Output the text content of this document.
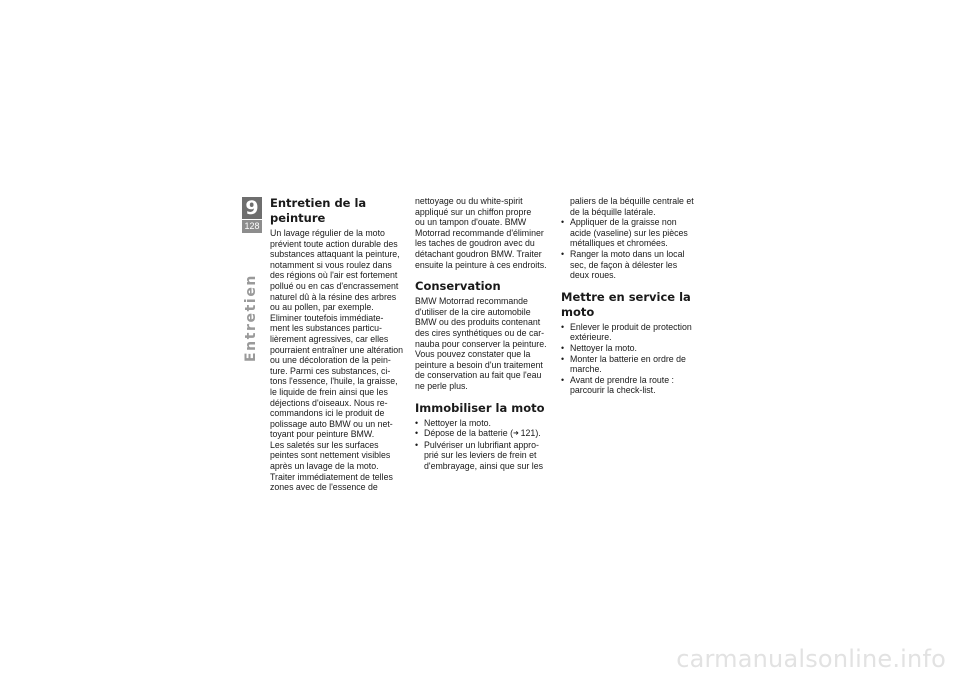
9
128
Entretien
Entretien de la peinture

Un lavage régulier de la moto
prévient toute action durable des
substances attaquant la peinture,
notamment si vous roulez dans
des régions où l'air est fortement
pollué ou en cas d'encrassement
naturel dû à la résine des arbres
ou au pollen, par exemple.
Eliminer toutefois immédiate-
ment les substances particu-
lièrement agressives, car elles
pourraient entraîner une altération
ou une décoloration de la pein-
ture. Parmi ces substances, ci-
tons l'essence, l'huile, la graisse,
le liquide de frein ainsi que les
déjections d'oiseaux. Nous re-
commandons ici le produit de
polissage auto BMW ou un net-
toyant pour peinture BMW.
Les saletés sur les surfaces
peintes sont nettement visibles
après un lavage de la moto.
Traiter immédiatement de telles
zones avec de l'essence de

nettoyage ou du white-spirit
appliqué sur un chiffon propre
ou un tampon d'ouate. BMW
Motorrad recommande d'éliminer
les taches de goudron avec du
détachant goudron BMW. Traiter
ensuite la peinture à ces endroits.

Conservation

BMW Motorrad recommande
d'utiliser de la cire automobile
BMW ou des produits contenant
des cires synthétiques ou de car-
nauba pour conserver la peinture.
Vous pouvez constater que la
peinture a besoin d'un traitement
de conservation au fait que l'eau
ne perle plus.

Immobiliser la moto
• Nettoyer la moto.
• Dépose de la batterie (➜  121).
• Pulvériser un lubrifiant appro-
prié sur les leviers de frein et
d'embrayage, ainsi que sur les
paliers de la béquille centrale et
de la béquille latérale.
• Appliquer de la graisse non
acide (vaseline) sur les pièces
métalliques et chromées.
• Ranger la moto dans un local
sec, de façon à délester les
deux roues.
Mettre en service la
moto
• Enlever le produit de protection
extérieure.
• Nettoyer la moto.
• Monter la batterie en ordre de
marche.
• Avant de prendre la route :
parcourir la check-list.
carmanualsonline.info
